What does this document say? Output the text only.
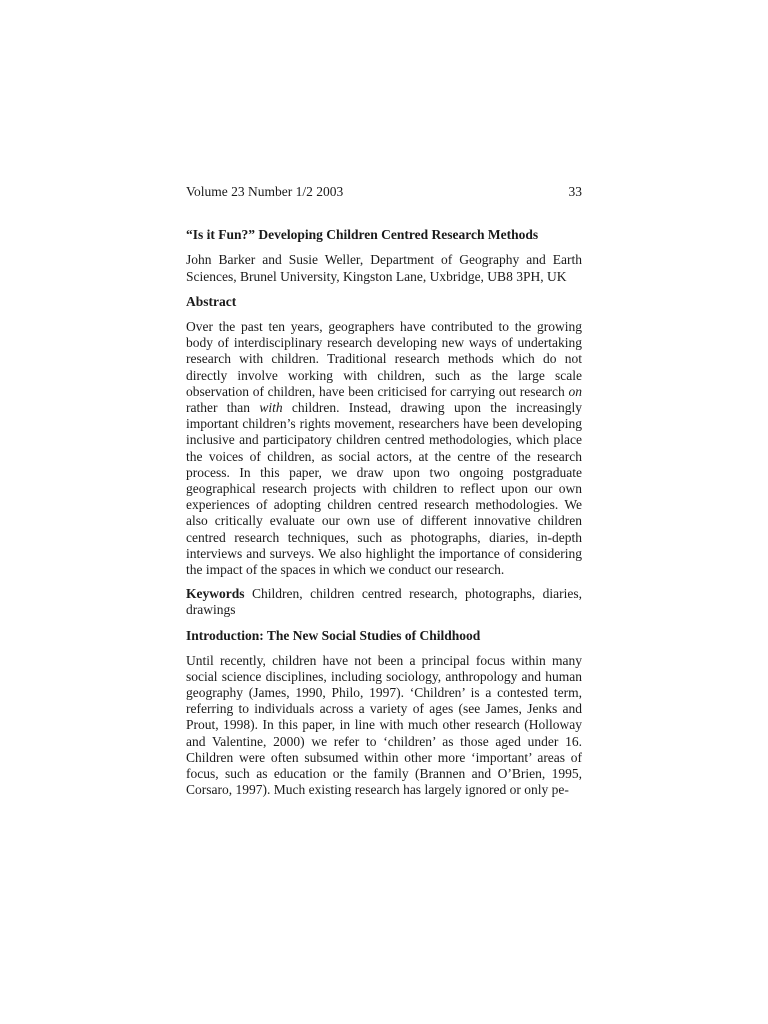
Volume 23 Number 1/2 2003	33
“Is it Fun?” Developing Children Centred Research Methods
John Barker and Susie Weller, Department of Geography and Earth Sciences, Brunel University, Kingston Lane, Uxbridge, UB8 3PH, UK
Abstract
Over the past ten years, geographers have contributed to the growing body of interdisciplinary research developing new ways of undertaking research with children. Traditional research methods which do not directly involve working with children, such as the large scale observation of children, have been criticised for carrying out research on rather than with children. Instead, drawing upon the increasingly important children’s rights movement, researchers have been developing inclusive and participatory children centred methodologies, which place the voices of children, as social actors, at the centre of the research process. In this paper, we draw upon two ongoing postgraduate geographical research projects with children to reflect upon our own experiences of adopting children centred research methodologies. We also critically evaluate our own use of different innovative children centred research techniques, such as photographs, diaries, in-depth interviews and surveys. We also highlight the importance of considering the impact of the spaces in which we conduct our research.
Keywords Children, children centred research, photographs, diaries, drawings
Introduction: The New Social Studies of Childhood
Until recently, children have not been a principal focus within many social science disciplines, including sociology, anthropology and human geography (James, 1990, Philo, 1997). ‘Children’ is a contested term, referring to individuals across a variety of ages (see James, Jenks and Prout, 1998). In this paper, in line with much other research (Holloway and Valentine, 2000) we refer to ‘children’ as those aged under 16. Children were often subsumed within other more ‘important’ areas of focus, such as education or the family (Brannen and O’Brien, 1995, Corsaro, 1997). Much existing research has largely ignored or only pe-
